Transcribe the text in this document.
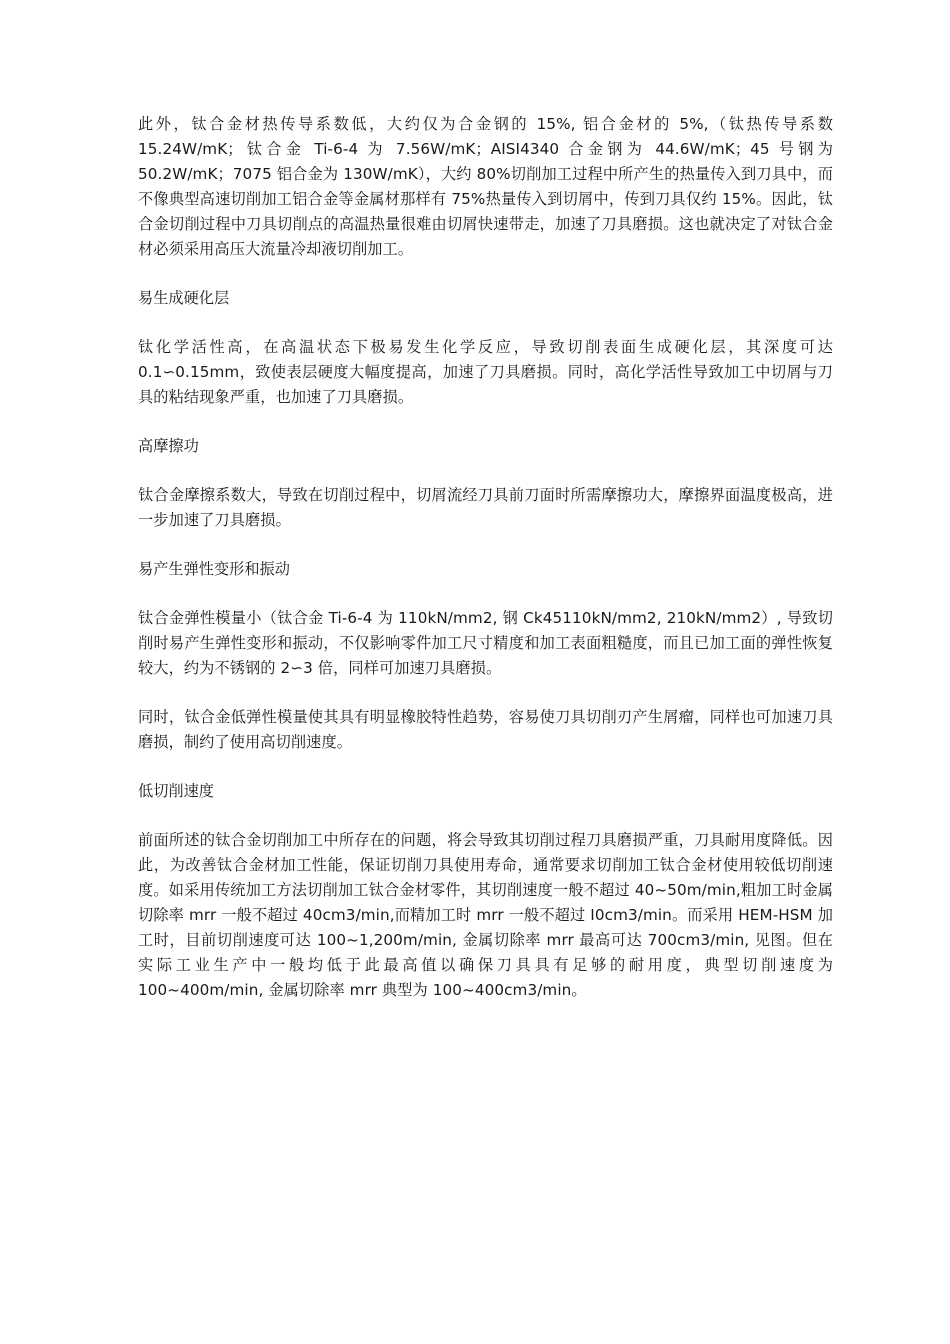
此外，钛合金材热传导系数低，大约仅为合金钢的 15%, 铝合金材的 5%,（钛热传导系数 15.24W/mK；钛合金 Ti-6-4 为 7.56W/mK；AISI4340 合金钢为 44.6W/mK；45 号钢为 50.2W/mK；7075 铝合金为 130W/mK），大约 80%切削加工过程中所产生的热量传入到刀具中，而不像典型高速切削加工铝合金等金属材那样有 75%热量传入到切屑中，传到刀具仅约 15%。因此，钛合金切削过程中刀具切削点的高温热量很难由切屑快速带走，加速了刀具磨损。这也就决定了对钛合金材必须采用高压大流量冷却液切削加工。

易生成硬化层

钛化学活性高，在高温状态下极易发生化学反应，导致切削表面生成硬化层，其深度可达 0.1∽0.15mm，致使表层硬度大幅度提高，加速了刀具磨损。同时，高化学活性导致加工中切屑与刀具的粘结现象严重，也加速了刀具磨损。

高摩擦功

钛合金摩擦系数大，导致在切削过程中，切屑流经刀具前刀面时所需摩擦功大，摩擦界面温度极高，进一步加速了刀具磨损。

易产生弹性变形和振动

钛合金弹性模量小（钛合金 Ti-6-4 为 110kN/mm2, 钢 Ck45110kN/mm2, 210kN/mm2）, 导致切削时易产生弹性变形和振动，不仅影响零件加工尺寸精度和加工表面粗糙度，而且已加工面的弹性恢复较大，约为不锈钢的 2∽3 倍，同样可加速刀具磨损。

同时，钛合金低弹性模量使其具有明显橡胶特性趋势，容易使刀具切削刃产生屑瘤，同样也可加速刀具磨损，制约了使用高切削速度。

低切削速度

前面所述的钛合金切削加工中所存在的问题，将会导致其切削过程刀具磨损严重，刀具耐用度降低。因此，为改善钛合金材加工性能，保证切削刀具使用寿命，通常要求切削加工钛合金材使用较低切削速度。如采用传统加工方法切削加工钛合金材零件，其切削速度一般不超过 40~50m/min,粗加工时金属切除率 mrr 一般不超过 40cm3/min,而精加工时 mrr 一般不超过 I0cm3/min。而采用 HEM-HSM 加工时，目前切削速度可达 100~1,200m/min, 金属切除率 mrr 最高可达 700cm3/min, 见图。但在实际工业生产中一般均低于此最高值以确保刀具具有足够的耐用度，典型切削速度为 100~400m/min, 金属切除率 mrr 典型为 100~400cm3/min。
